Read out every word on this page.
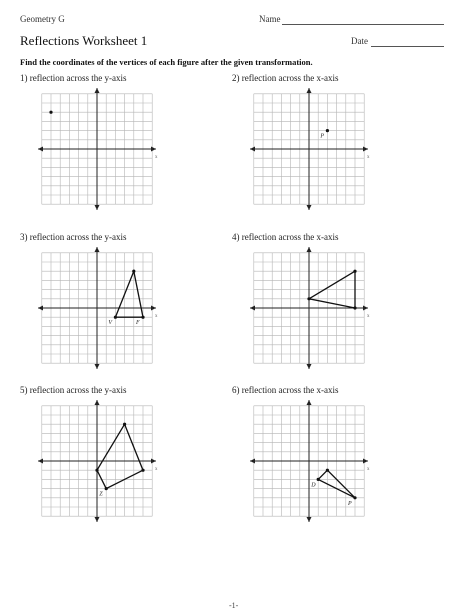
Geometry G	Name
Reflections Worksheet 1	Date
Find the coordinates of the vertices of each figure after the given transformation.
1) reflection across the y-axis	2) reflection across the x-axis
3) reflection across the y-axis	4) reflection across the x-axis
5) reflection across the y-axis	6) reflection across the x-axis
x	x
P
x
V	F
x
x
Z
x
D
P
-1-
